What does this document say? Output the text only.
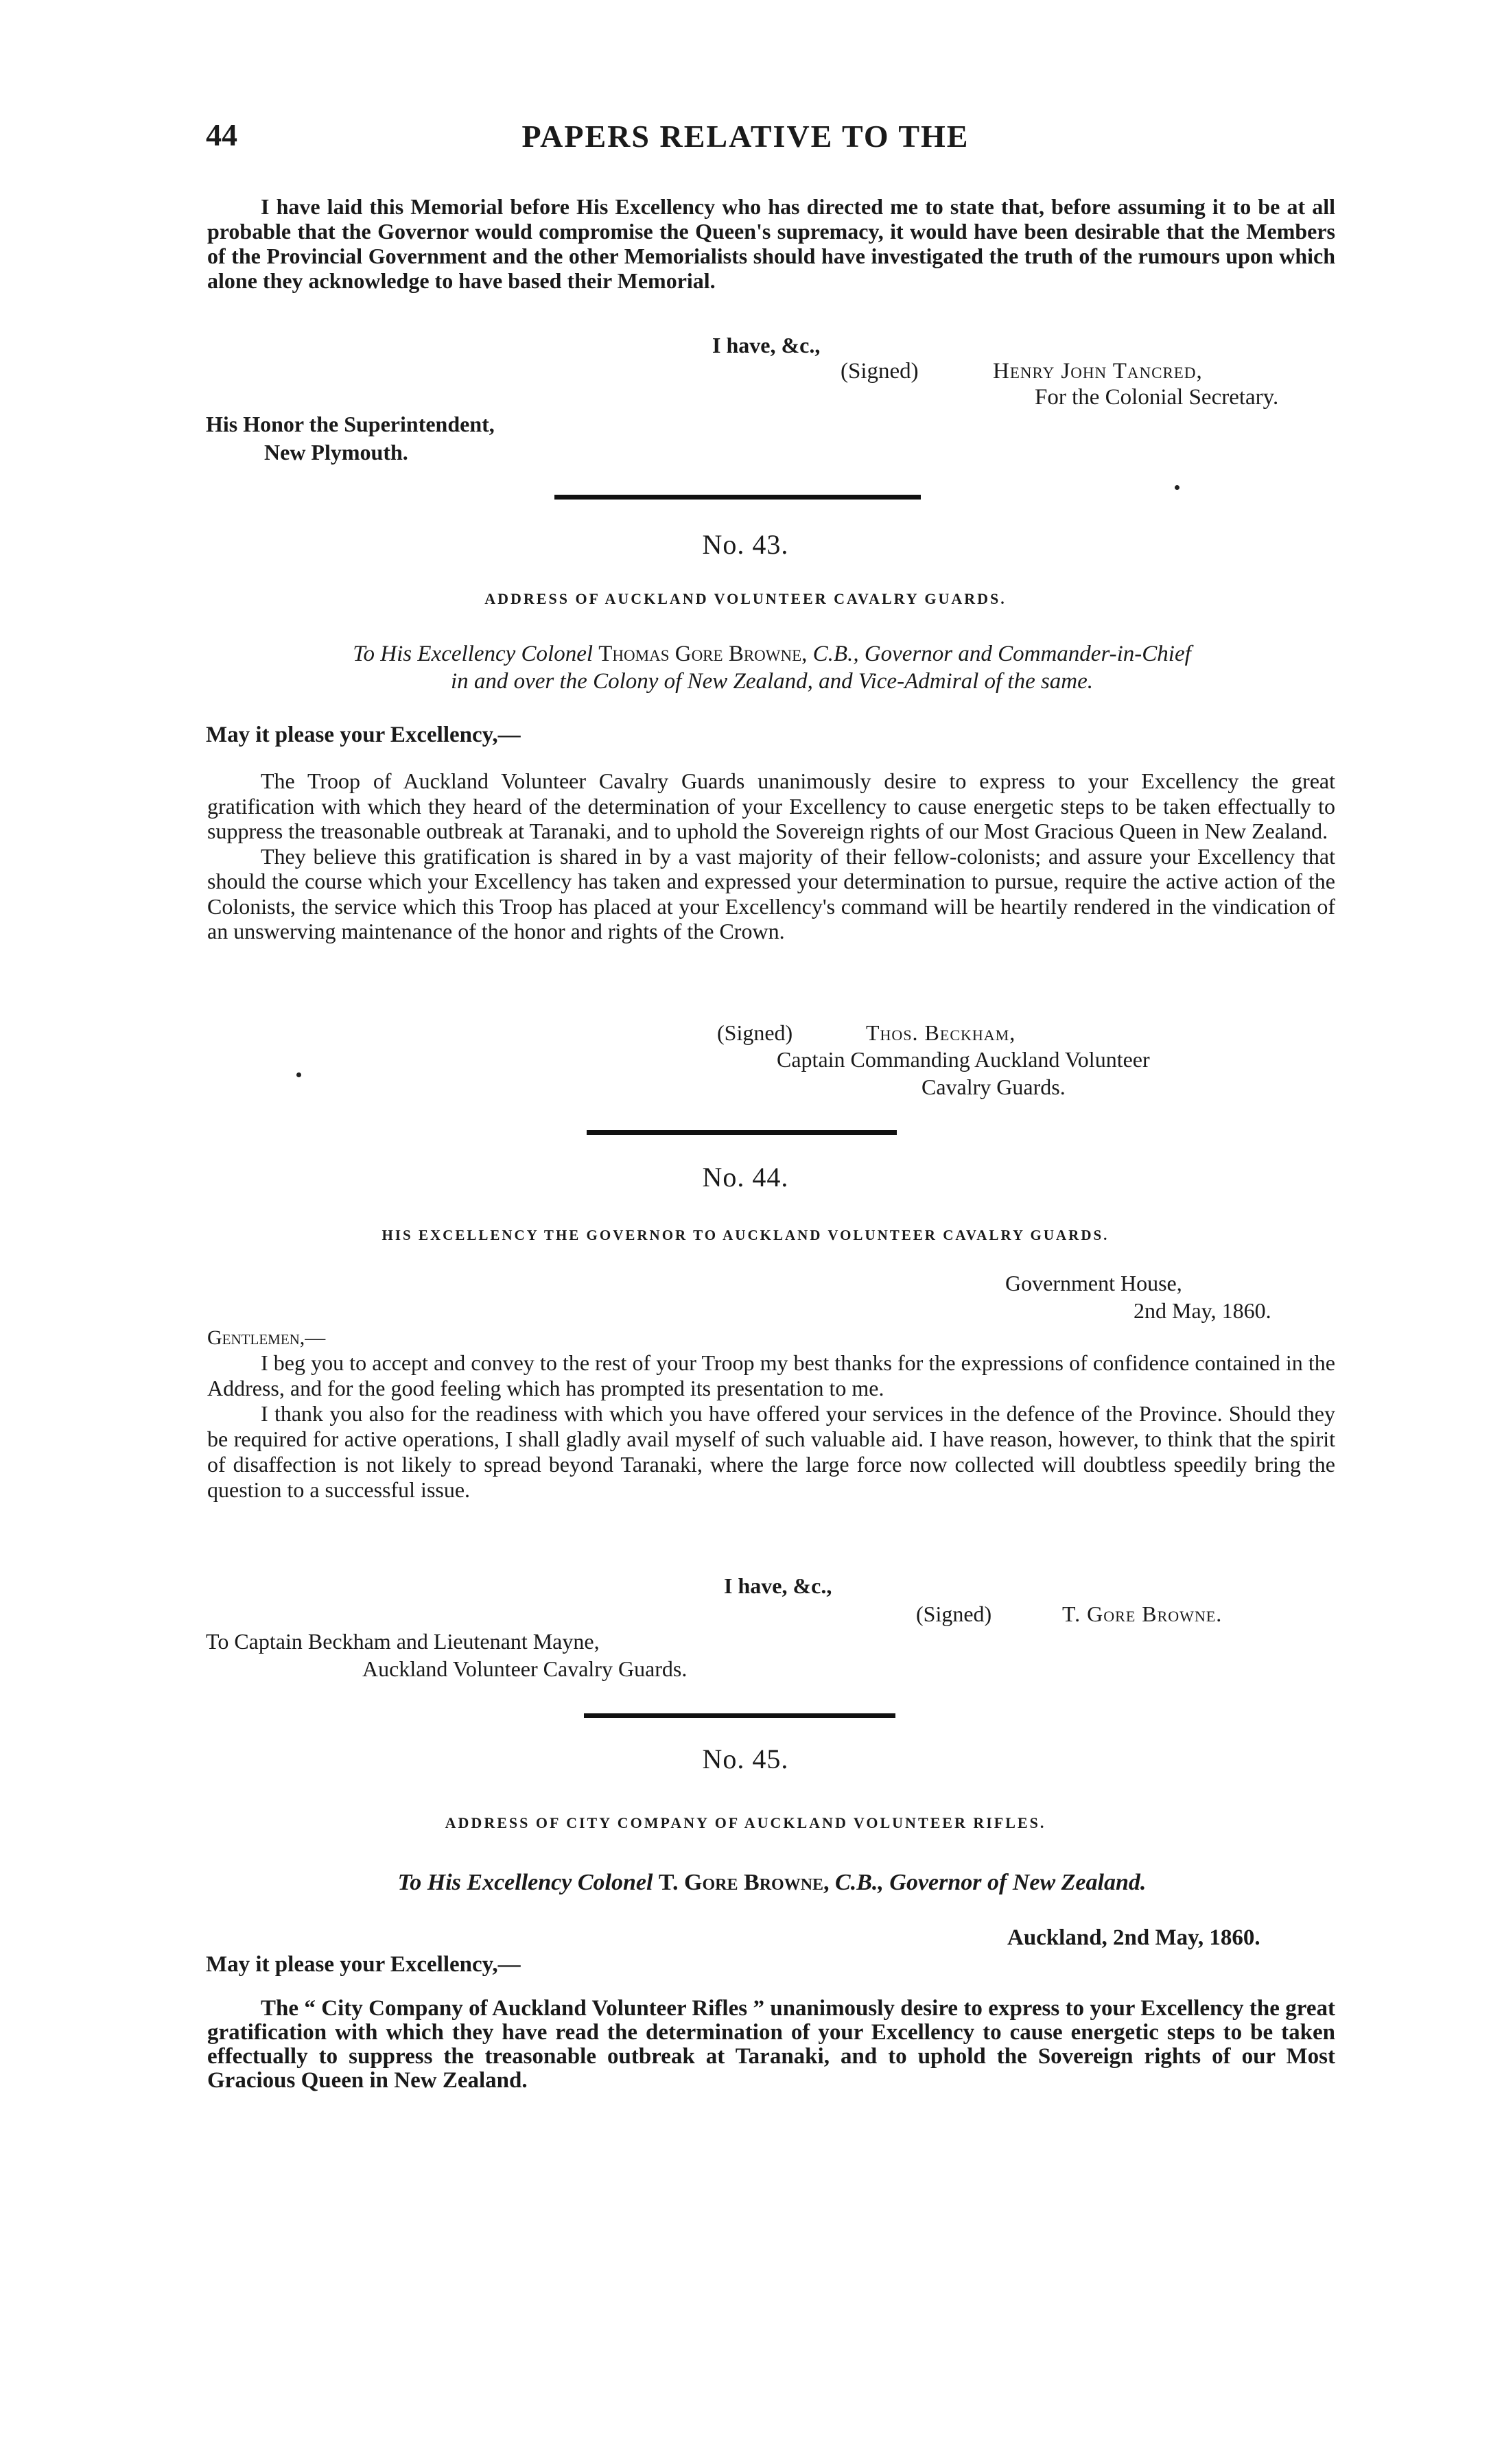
44	PAPERS RELATIVE TO THE

I have laid this Memorial before His Excellency who has directed me to state that, before assuming it to be at all probable that the Governor would compromise the Queen's supremacy, it would have been desirable that the Members of the Provincial Government and the other Memorialists should have investigated the truth of the rumours upon which alone they acknowledge to have based their Memorial.

I have, &c.,
(Signed)	Henry John Tancred,
For the Colonial Secretary.
His Honor the Superintendent,
New Plymouth.
No. 43.
ADDRESS OF AUCKLAND VOLUNTEER CAVALRY GUARDS.
To His Excellency Colonel Thomas Gore Browne, C.B., Governor and Commander-in-Chief
in and over the Colony of New Zealand, and Vice-Admiral of the same.
May it please your Excellency,—

The Troop of Auckland Volunteer Cavalry Guards unanimously desire to express to your Excellency the great gratification with which they heard of the determination of your Excellency to cause energetic steps to be taken effectually to suppress the treasonable outbreak at Taranaki, and to uphold the Sovereign rights of our Most Gracious Queen in New Zealand.

They believe this gratification is shared in by a vast majority of their fellow-colonists; and assure your Excellency that should the course which your Excellency has taken and expressed your determination to pursue, require the active action of the Colonists, the service which this Troop has placed at your Excellency's command will be heartily rendered in the vindication of an unswerving maintenance of the honor and rights of the Crown.

(Signed)	Thos. Beckham,
Captain Commanding Auckland Volunteer
Cavalry Guards.
No. 44.
HIS EXCELLENCY THE GOVERNOR TO AUCKLAND VOLUNTEER CAVALRY GUARDS.
Government House,
2nd May, 1860.
Gentlemen,—

I beg you to accept and convey to the rest of your Troop my best thanks for the expressions of confidence contained in the Address, and for the good feeling which has prompted its presentation to me.

I thank you also for the readiness with which you have offered your services in the defence of the Province. Should they be required for active operations, I shall gladly avail myself of such valuable aid. I have reason, however, to think that the spirit of disaffection is not likely to spread beyond Taranaki, where the large force now collected will doubtless speedily bring the question to a successful issue.

I have, &c.,
(Signed)	T. Gore Browne.
To Captain Beckham and Lieutenant Mayne,
Auckland Volunteer Cavalry Guards.
No. 45.
ADDRESS OF CITY COMPANY OF AUCKLAND VOLUNTEER RIFLES.
To His Excellency Colonel T. Gore Browne, C.B., Governor of New Zealand.
Auckland, 2nd May, 1860.
May it please your Excellency,—

The “ City Company of Auckland Volunteer Rifles ” unanimously desire to express to your Excellency the great gratification with which they have read the determination of your Excellency to cause energetic steps to be taken effectually to suppress the treasonable outbreak at Taranaki, and to uphold the Sovereign rights of our Most Gracious Queen in New Zealand.
